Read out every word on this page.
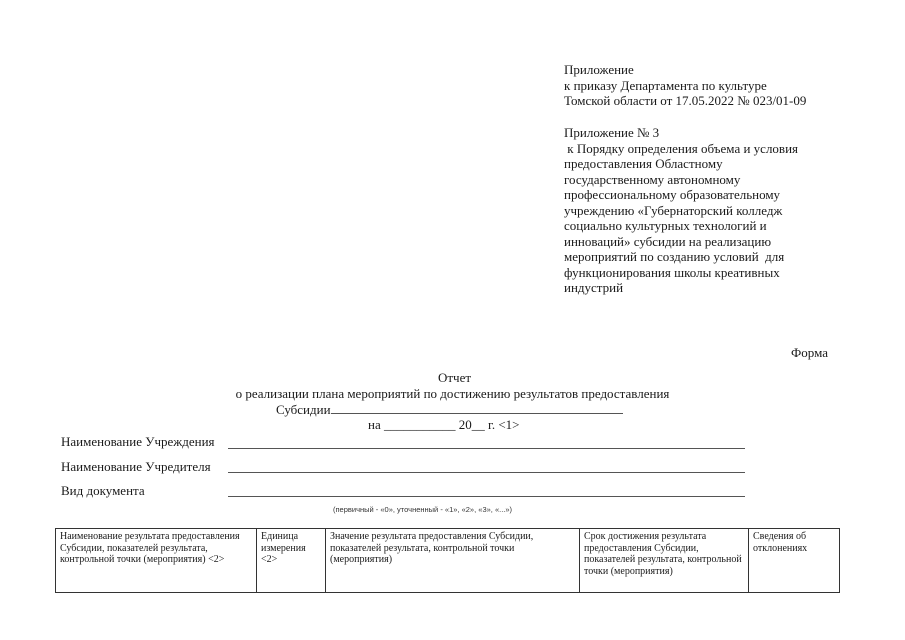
Приложение
к приказу Департамента по культуре
Томской области от 17.05.2022 № 023/01-09
Приложение № 3
к Порядку определения объема и условия
предоставления Областному
государственному автономному
профессиональному образовательному
учреждению «Губернаторский колледж
социально культурных технологий и
инноваций» субсидии на реализацию
мероприятий по созданию условий  для
функционирования школы креативных
индустрий
Форма
Отчет
о реализации плана мероприятий по достижению результатов предоставления
Субсидии
на ___________ 20__ г. <1>
Наименование Учреждения
Наименование Учредителя
Вид документа
(первичный - «0», уточненный - «1», «2», «3», «...»)
Наименование результата предоставления Субсидии, показателей результата, контрольной точки (мероприятия) <2>	Единица измерения <2>	Значение результата предоставления Субсидии, показателей результата, контрольной точки (мероприятия)	Срок достижения результата предоставления Субсидии, показателей результата, контрольной точки (мероприятия)	Сведения об отклонениях
